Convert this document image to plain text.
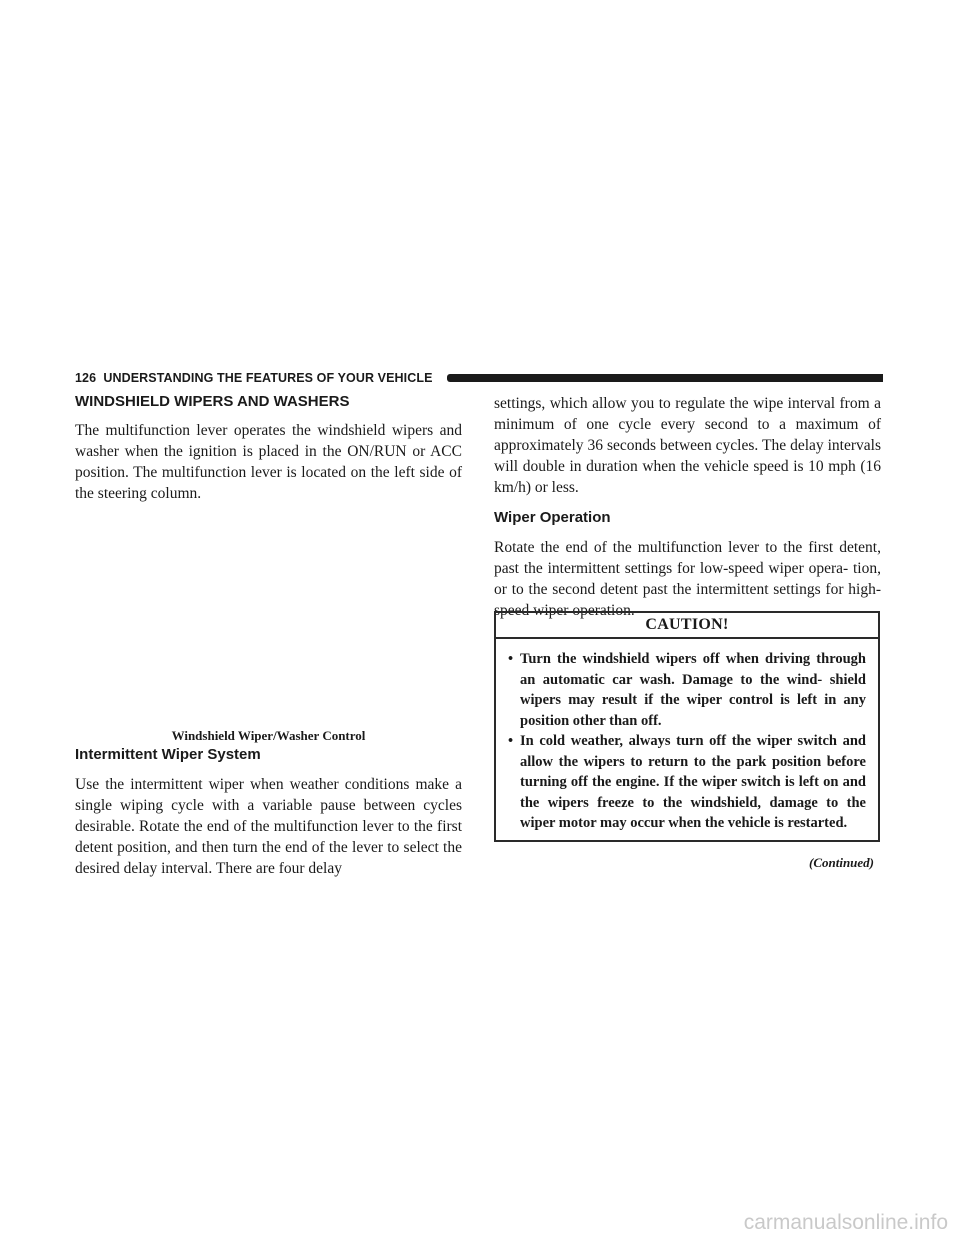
126 UNDERSTANDING THE FEATURES OF YOUR VEHICLE
WINDSHIELD WIPERS AND WASHERS

The multifunction lever operates the windshield wipers and washer when the ignition is placed in the ON/RUN or ACC position. The multifunction lever is located on the left side of the steering column.

Windshield Wiper/Washer Control
Intermittent Wiper System

Use the intermittent wiper when weather conditions make a single wiping cycle with a variable pause between cycles desirable. Rotate the end of the multifunction lever to the first detent position, and then turn the end of the lever to select the desired delay interval. There are four delay

settings, which allow you to regulate the wipe interval from a minimum of one cycle every second to a maximum of approximately 36 seconds between cycles. The delay intervals will double in duration when the vehicle speed is 10 mph (16 km/h) or less.

Wiper Operation

Rotate the end of the multifunction lever to the first detent, past the intermittent settings for low-speed wiper opera- tion, or to the second detent past the intermittent settings for high-speed wiper operation.

CAUTION!
• Turn the windshield wipers off when driving through an automatic car wash. Damage to the wind- shield wipers may result if the wiper control is left in any position other than off.
• In cold weather, always turn off the wiper switch and allow the wipers to return to the park position before turning off the engine. If the wiper switch is left on and the wipers freeze to the windshield, damage to the wiper motor may occur when the vehicle is restarted.
(Continued)
carmanualsonline.info
